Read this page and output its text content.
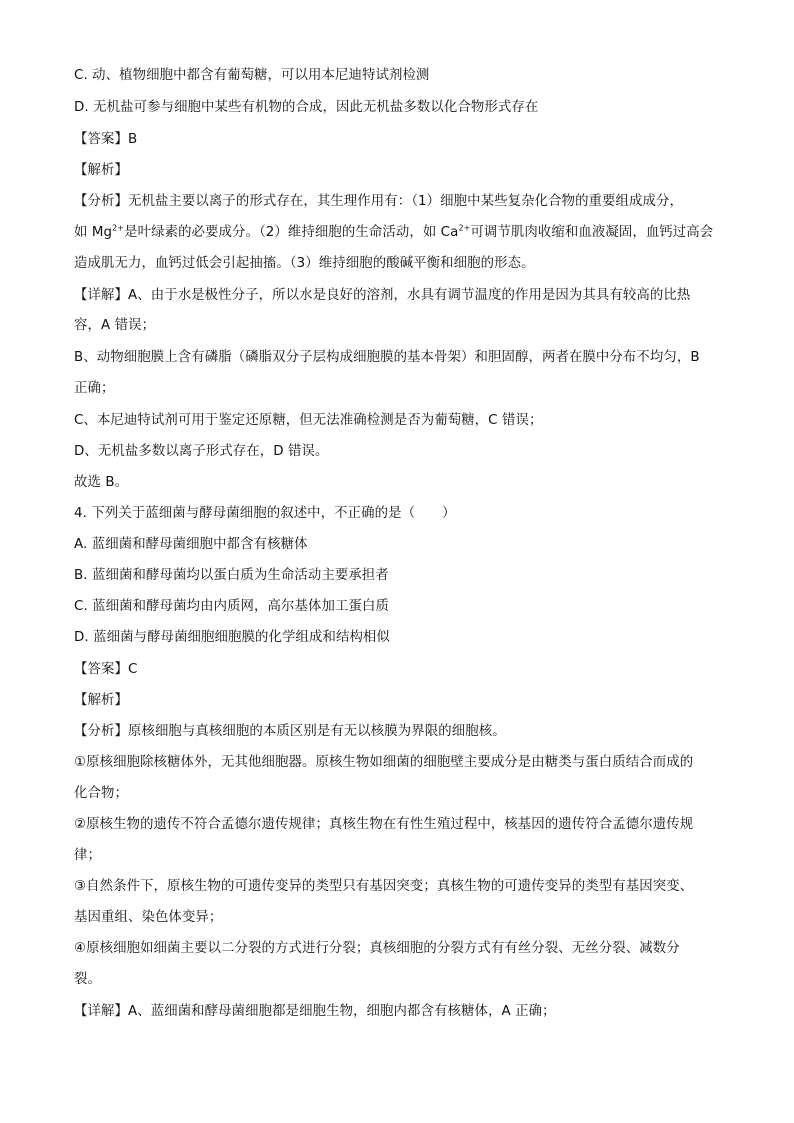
C. 动、植物细胞中都含有葡萄糖，可以用本尼迪特试剂检测
D. 无机盐可参与细胞中某些有机物的合成，因此无机盐多数以化合物形式存在
【答案】B
【解析】
【分析】无机盐主要以离子的形式存在，其生理作用有：（1）细胞中某些复杂化合物的重要组成成分，
如 $Mg^{2+}$是叶绿素的必要成分。（2）维持细胞的生命活动，如 $Ca^{2+}$可调节肌肉收缩和血液凝固，血钙过高会
造成肌无力，血钙过低会引起抽搐。（3）维持细胞的酸碱平衡和细胞的形态。
【详解】A、由于水是极性分子，所以水是良好的溶剂，水具有调节温度的作用是因为其具有较高的比热
容，A 错误；
B、动物细胞膜上含有磷脂（磷脂双分子层构成细胞膜的基本骨架）和胆固醇，两者在膜中分布不均匀，B
正确；
C、本尼迪特试剂可用于鉴定还原糖，但无法准确检测是否为葡萄糖，C 错误；
D、无机盐多数以离子形式存在，D 错误。
故选 B。
4. 下列关于蓝细菌与酵母菌细胞的叙述中，不正确的是（　　）
A. 蓝细菌和酵母菌细胞中都含有核糖体
B. 蓝细菌和酵母菌均以蛋白质为生命活动主要承担者
C. 蓝细菌和酵母菌均由内质网，高尔基体加工蛋白质
D. 蓝细菌与酵母菌细胞细胞膜的化学组成和结构相似
【答案】C
【解析】
【分析】原核细胞与真核细胞的本质区别是有无以核膜为界限的细胞核。
①原核细胞除核糖体外，无其他细胞器。原核生物如细菌的细胞壁主要成分是由糖类与蛋白质结合而成的
化合物；
②原核生物的遗传不符合孟德尔遗传规律；真核生物在有性生殖过程中，核基因的遗传符合孟德尔遗传规
律；
③自然条件下，原核生物的可遗传变异的类型只有基因突变；真核生物的可遗传变异的类型有基因突变、
基因重组、染色体变异；
④原核细胞如细菌主要以二分裂的方式进行分裂；真核细胞的分裂方式有有丝分裂、无丝分裂、减数分
裂。
【详解】A、蓝细菌和酵母菌细胞都是细胞生物，细胞内都含有核糖体，A 正确；
